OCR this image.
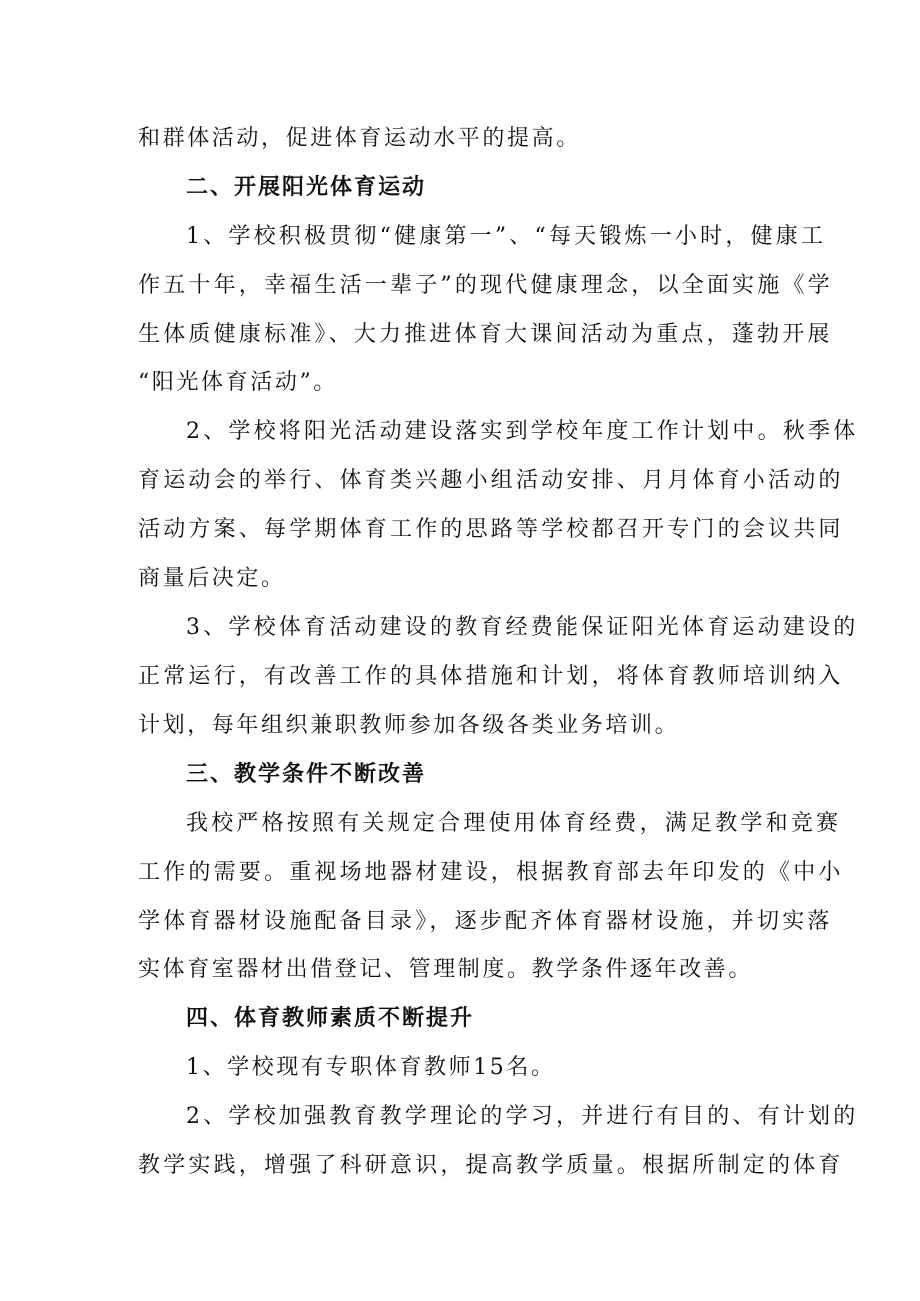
和群体活动，促进体育运动水平的提高。
二、开展阳光体育运动
1、学校积极贯彻“健康第一”、“每天锻炼一小时，健康工
作五十年，幸福生活一辈子”的现代健康理念，以全面实施《学
生体质健康标准》、大力推进体育大课间活动为重点，蓬勃开展
“阳光体育活动”。
2、学校将阳光活动建设落实到学校年度工作计划中。秋季体
育运动会的举行、体育类兴趣小组活动安排、月月体育小活动的
活动方案、每学期体育工作的思路等学校都召开专门的会议共同
商量后决定。
3、学校体育活动建设的教育经费能保证阳光体育运动建设的
正常运行，有改善工作的具体措施和计划，将体育教师培训纳入
计划，每年组织兼职教师参加各级各类业务培训。
三、教学条件不断改善
我校严格按照有关规定合理使用体育经费，满足教学和竞赛
工作的需要。重视场地器材建设，根据教育部去年印发的《中小
学体育器材设施配备目录》，逐步配齐体育器材设施，并切实落
实体育室器材出借登记、管理制度。教学条件逐年改善。
四、体育教师素质不断提升
1、学校现有专职体育教师15名。
2、学校加强教育教学理论的学习，并进行有目的、有计划的
教学实践，增强了科研意识，提高教学质量。根据所制定的体育
